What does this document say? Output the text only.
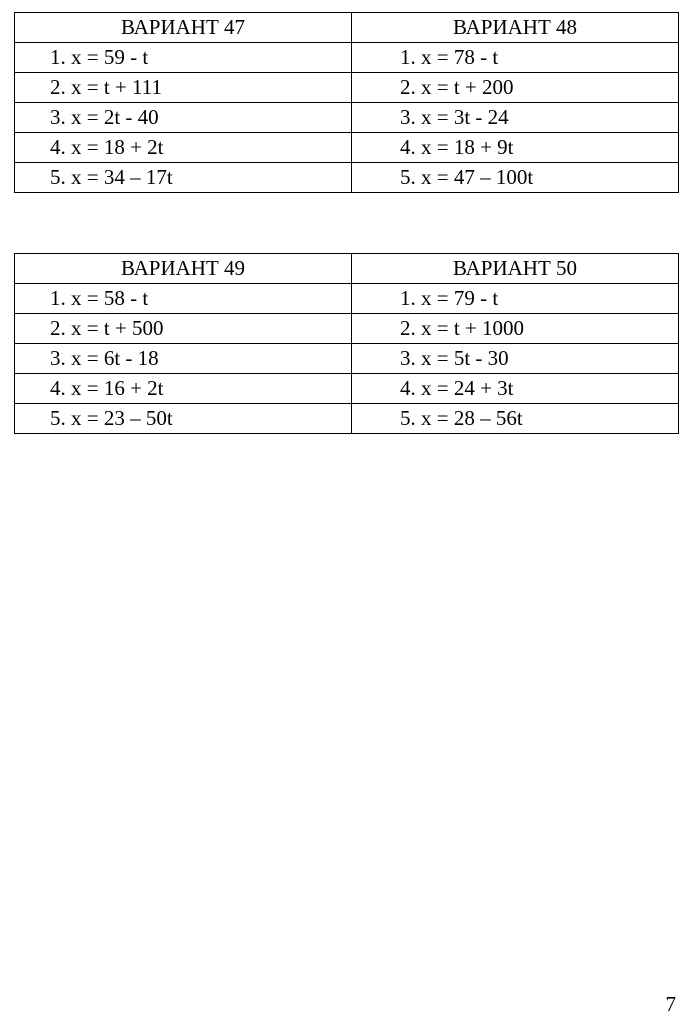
ВАРИАНТ 47	ВАРИАНТ 48
1. x = 59 - t	1. x = 78 - t
2. x = t + 111	2. x = t + 200
3. x = 2t - 40	3. x = 3t - 24
4. x = 18 + 2t	4. x = 18 + 9t
5. x = 34 – 17t	5. x = 47 – 100t
ВАРИАНТ 49	ВАРИАНТ 50
1. x = 58 - t	1. x = 79 - t
2. x = t + 500	2. x = t + 1000
3. x = 6t - 18	3. x = 5t - 30
4. x = 16 + 2t	4. x = 24 + 3t
5. x = 23 – 50t	5. x = 28 – 56t
7
